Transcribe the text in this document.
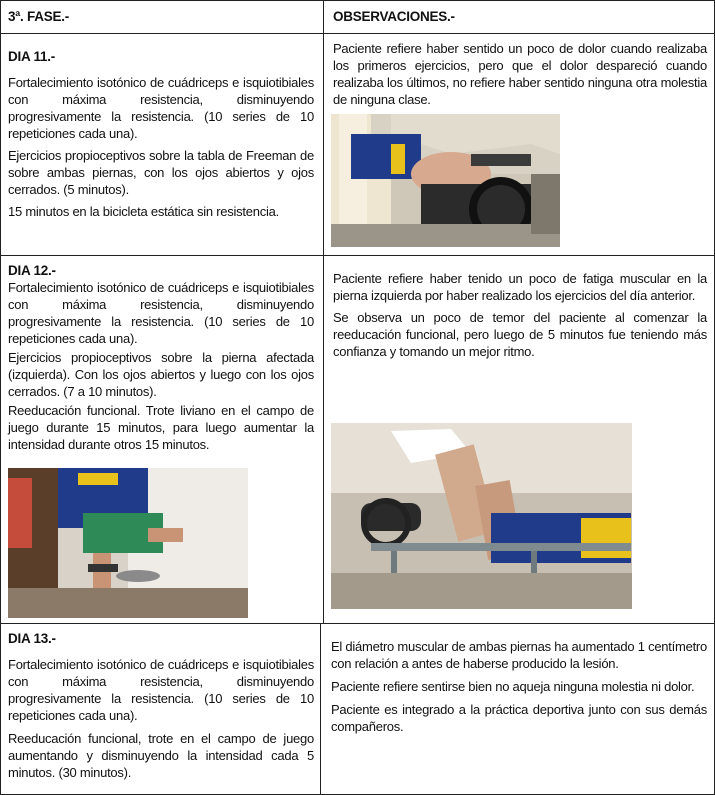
3ª. FASE.-	OBSERVACIONES.-

DIA 11.-

Fortalecimiento isotónico de cuádriceps e isquiotibiales con máxima resistencia, disminuyendo progresivamente la resistencia. (10 series de 10 repeticiones cada una).

Ejercicios propioceptivos sobre la tabla de Freeman de sobre ambas piernas, con los ojos abiertos y ojos cerrados. (5 minutos).

15 minutos en la bicicleta estática sin resistencia.

Paciente refiere haber sentido un poco de dolor cuando realizaba los primeros ejercicios, pero que el dolor despareció cuando realizaba los últimos, no refiere haber sentido ninguna otra molestia de ninguna clase.

DIA 12.-

Fortalecimiento isotónico de cuádriceps e isquiotibiales con máxima resistencia, disminuyendo progresivamente la resistencia. (10 series de 10 repeticiones cada una).

Ejercicios propioceptivos sobre la pierna afectada (izquierda). Con los ojos abiertos y luego con los ojos cerrados. (7 a 10 minutos).

Reeducación funcional. Trote liviano en el campo de juego durante 15 minutos, para luego aumentar la intensidad durante otros 15 minutos.

Paciente refiere haber tenido un poco de fatiga muscular en la pierna izquierda por haber realizado los ejercicios del día anterior.

Se observa un poco de temor del paciente al comenzar la reeducación funcional, pero luego de 5 minutos fue teniendo más confianza y tomando un mejor ritmo.

DIA 13.-

Fortalecimiento isotónico de cuádriceps e isquiotibiales con máxima resistencia, disminuyendo progresivamente la resistencia. (10 series de 10 repeticiones cada una).

Reeducación funcional, trote en el campo de juego aumentando y disminuyendo la intensidad cada 5 minutos. (30 minutos).

El diámetro muscular de ambas piernas ha aumentado 1 centímetro con relación a antes de haberse producido la lesión.

Paciente refiere sentirse bien no aqueja ninguna molestia ni dolor.

Paciente es integrado a la práctica deportiva junto con sus demás compañeros.
